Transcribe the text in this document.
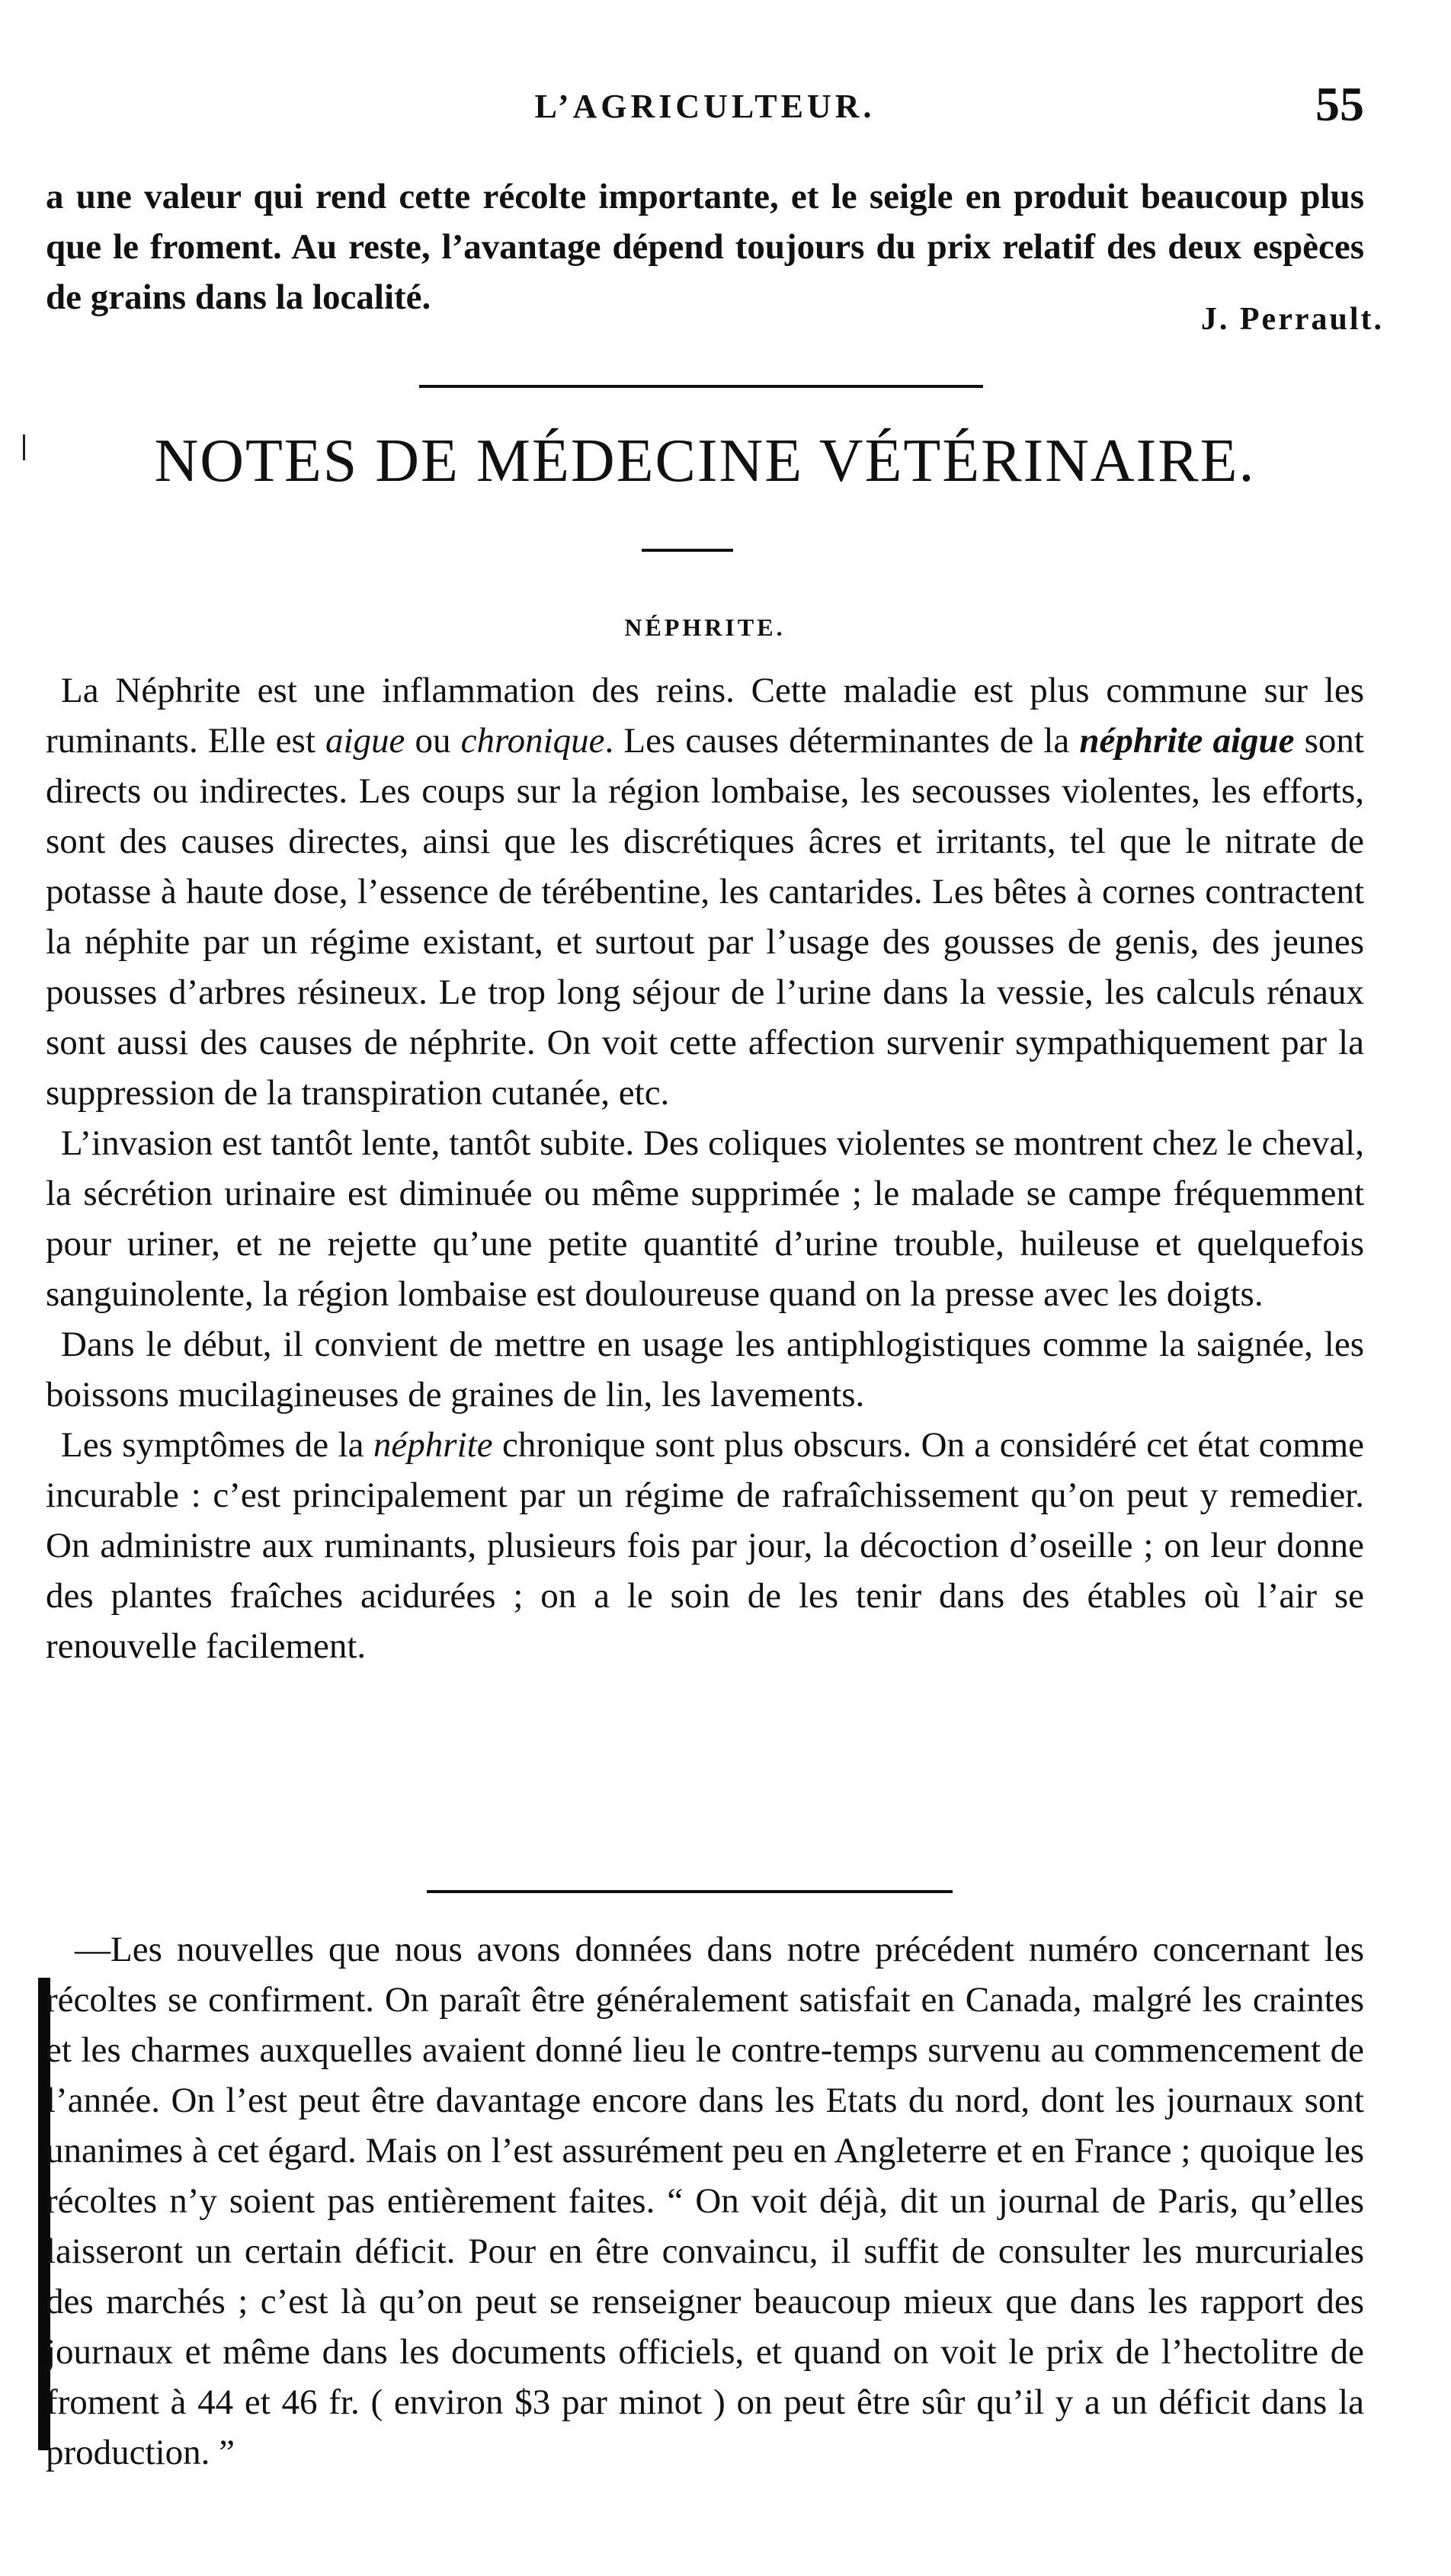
L’AGRICULTEUR.	55

a une valeur qui rend cette récolte importante, et le seigle en produit beaucoup plus que le froment. Au reste, l’avantage dépend toujours du prix relatif des deux espèces de grains dans la localité.

J. Perrault.
NOTES DE MÉDECINE VÉTÉRINAIRE.
NÉPHRITE.

La Néphrite est une inflammation des reins. Cette maladie est plus commune sur les ruminants. Elle est aigue ou chronique. Les causes déterminantes de la néphrite aigue sont directs ou indirectes. Les coups sur la région lombaise, les secousses violentes, les efforts, sont des causes directes, ainsi que les discrétiques âcres et irritants, tel que le nitrate de potasse à haute dose, l’essence de térébentine, les cantarides. Les bêtes à cornes contractent la néphite par un régime existant, et surtout par l’usage des gousses de genis, des jeunes pousses d’arbres résineux. Le trop long séjour de l’urine dans la vessie, les calculs rénaux sont aussi des causes de néphrite. On voit cette affection survenir sympathiquement par la suppression de la transpiration cutanée, etc.

L’invasion est tantôt lente, tantôt subite. Des coliques violentes se montrent chez le cheval, la sécrétion urinaire est diminuée ou même supprimée ; le malade se campe fréquemment pour uriner, et ne rejette qu’une petite quantité d’urine trouble, huileuse et quelquefois sanguinolente, la région lombaise est douloureuse quand on la presse avec les doigts.

Dans le début, il convient de mettre en usage les antiphlogistiques comme la saignée, les boissons mucilagineuses de graines de lin, les lavements.

Les symptômes de la néphrite chronique sont plus obscurs. On a considéré cet état comme incurable : c’est principalement par un régime de rafraîchissement qu’on peut y remedier. On administre aux ruminants, plusieurs fois par jour, la décoction d’oseille ; on leur donne des plantes fraîches acidurées ; on a le soin de les tenir dans des étables où l’air se renouvelle facilement.

—Les nouvelles que nous avons données dans notre précédent numéro concernant les récoltes se confirment. On paraît être généralement satisfait en Canada, malgré les craintes et les charmes auxquelles avaient donné lieu le contre-temps survenu au commencement de l’année. On l’est peut être davantage encore dans les Etats du nord, dont les journaux sont unanimes à cet égard. Mais on l’est assurément peu en Angleterre et en France ; quoique les récoltes n’y soient pas entièrement faites. “ On voit déjà, dit un journal de Paris, qu’elles laisseront un certain déficit. Pour en être convaincu, il suffit de consulter les murcuriales des marchés ; c’est là qu’on peut se renseigner beaucoup mieux que dans les rapport des journaux et même dans les documents officiels, et quand on voit le prix de l’hectolitre de froment à 44 et 46 fr. ( environ $3 par minot ) on peut être sûr qu’il y a un déficit dans la production. ”
